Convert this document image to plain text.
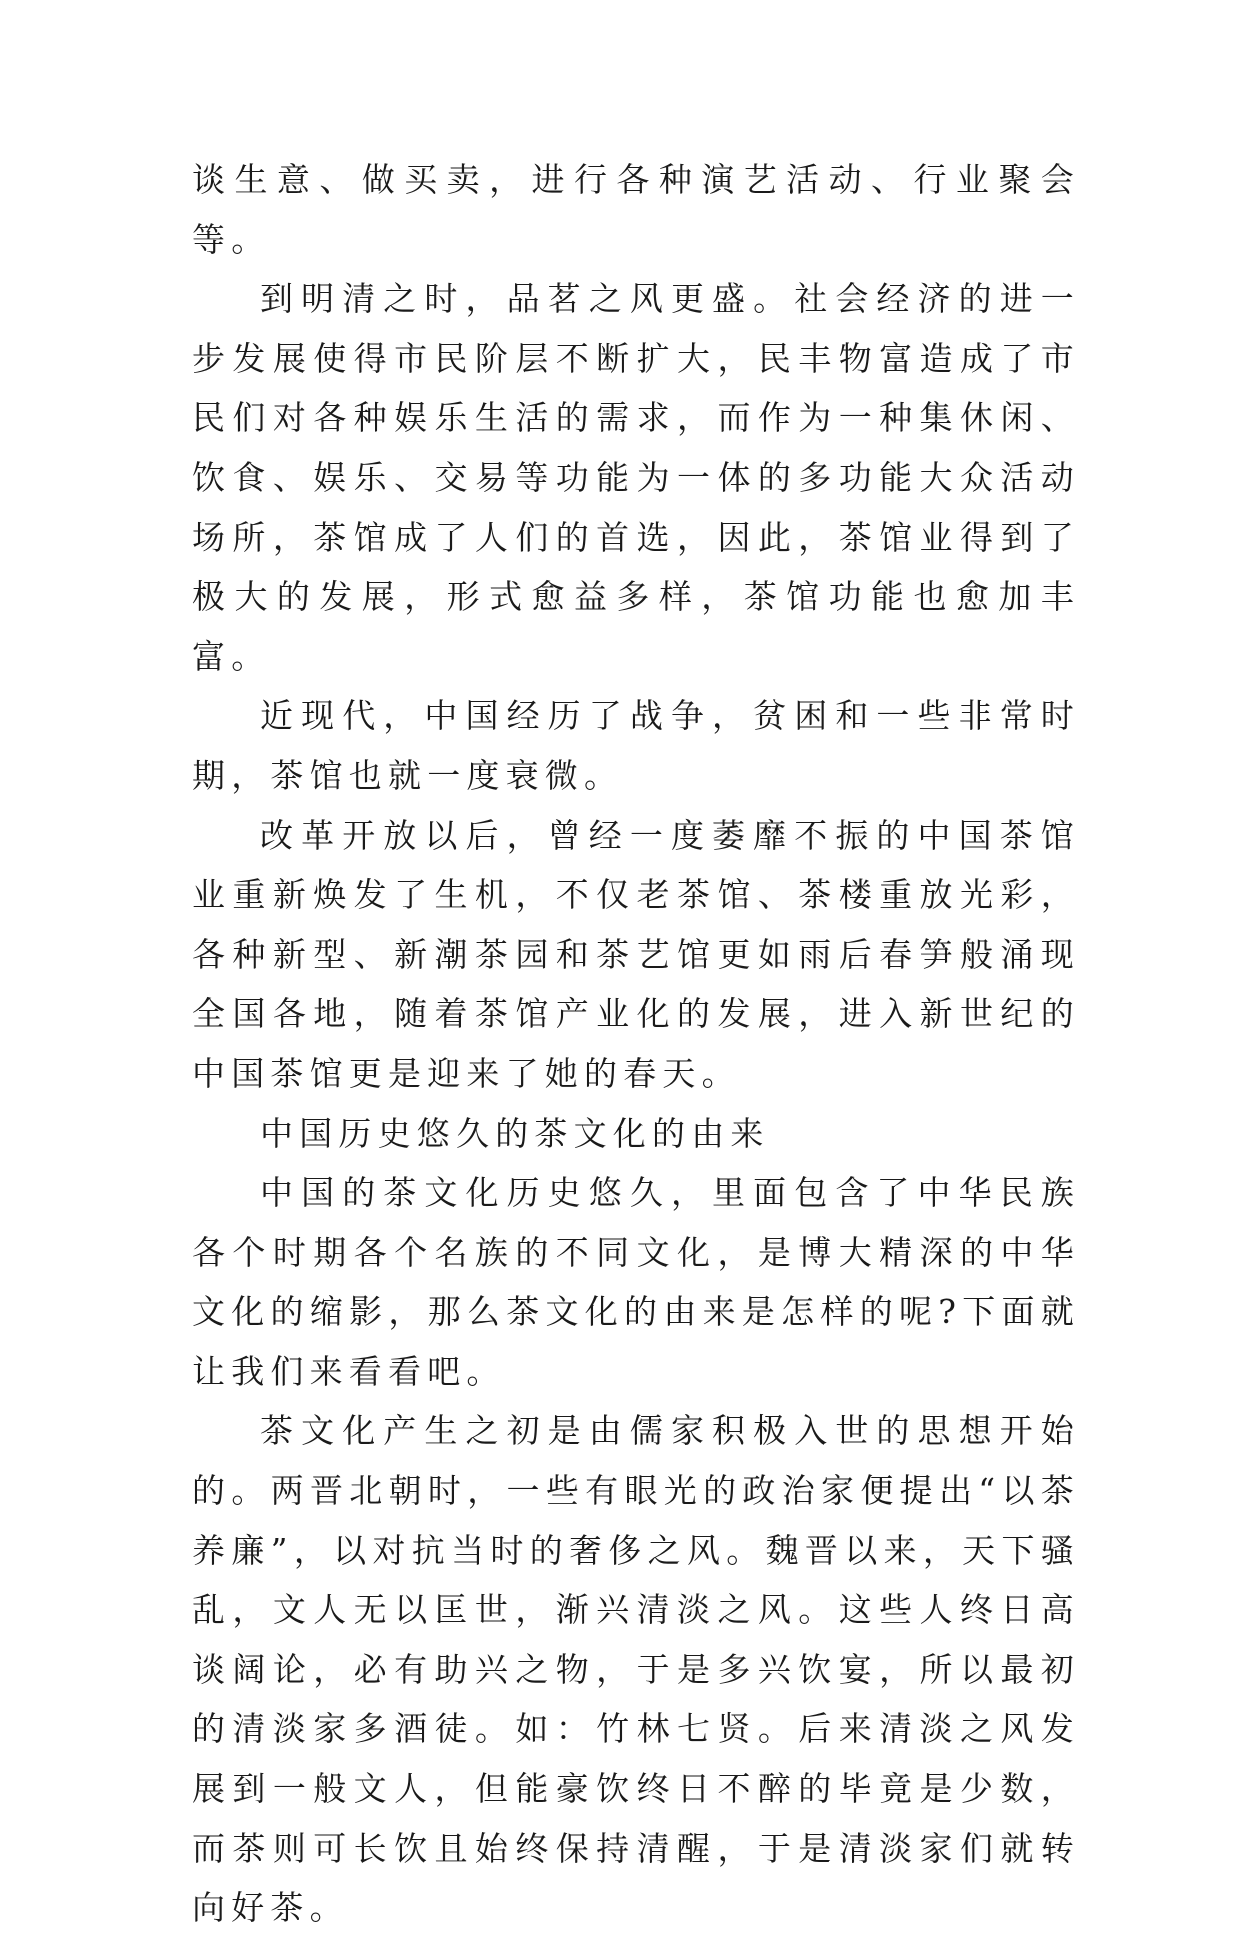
谈生意、做买卖，进行各种演艺活动、行业聚会等。

到明清之时，品茗之风更盛。社会经济的进一步发展使得市民阶层不断扩大，民丰物富造成了市民们对各种娱乐生活的需求，而作为一种集休闲、饮食、娱乐、交易等功能为一体的多功能大众活动场所，茶馆成了人们的首选，因此，茶馆业得到了极大的发展，形式愈益多样，茶馆功能也愈加丰富。

近现代，中国经历了战争，贫困和一些非常时期，茶馆也就一度衰微。

改革开放以后，曾经一度萎靡不振的中国茶馆业重新焕发了生机，不仅老茶馆、茶楼重放光彩，各种新型、新潮茶园和茶艺馆更如雨后春笋般涌现全国各地，随着茶馆产业化的发展，进入新世纪的中国茶馆更是迎来了她的春天。

中国历史悠久的茶文化的由来

中国的茶文化历史悠久，里面包含了中华民族各个时期各个名族的不同文化，是博大精深的中华文化的缩影，那么茶文化的由来是怎样的呢?下面就让我们来看看吧。

茶文化产生之初是由儒家积极入世的思想开始的。两晋北朝时，一些有眼光的政治家便提出“以茶养廉”，以对抗当时的奢侈之风。魏晋以来，天下骚乱，文人无以匡世，渐兴清淡之风。这些人终日高谈阔论，必有助兴之物，于是多兴饮宴，所以最初的清淡家多酒徒。如：竹林七贤。后来清淡之风发展到一般文人，但能豪饮终日不醉的毕竟是少数，而茶则可长饮且始终保持清醒，于是清淡家们就转向好茶。
